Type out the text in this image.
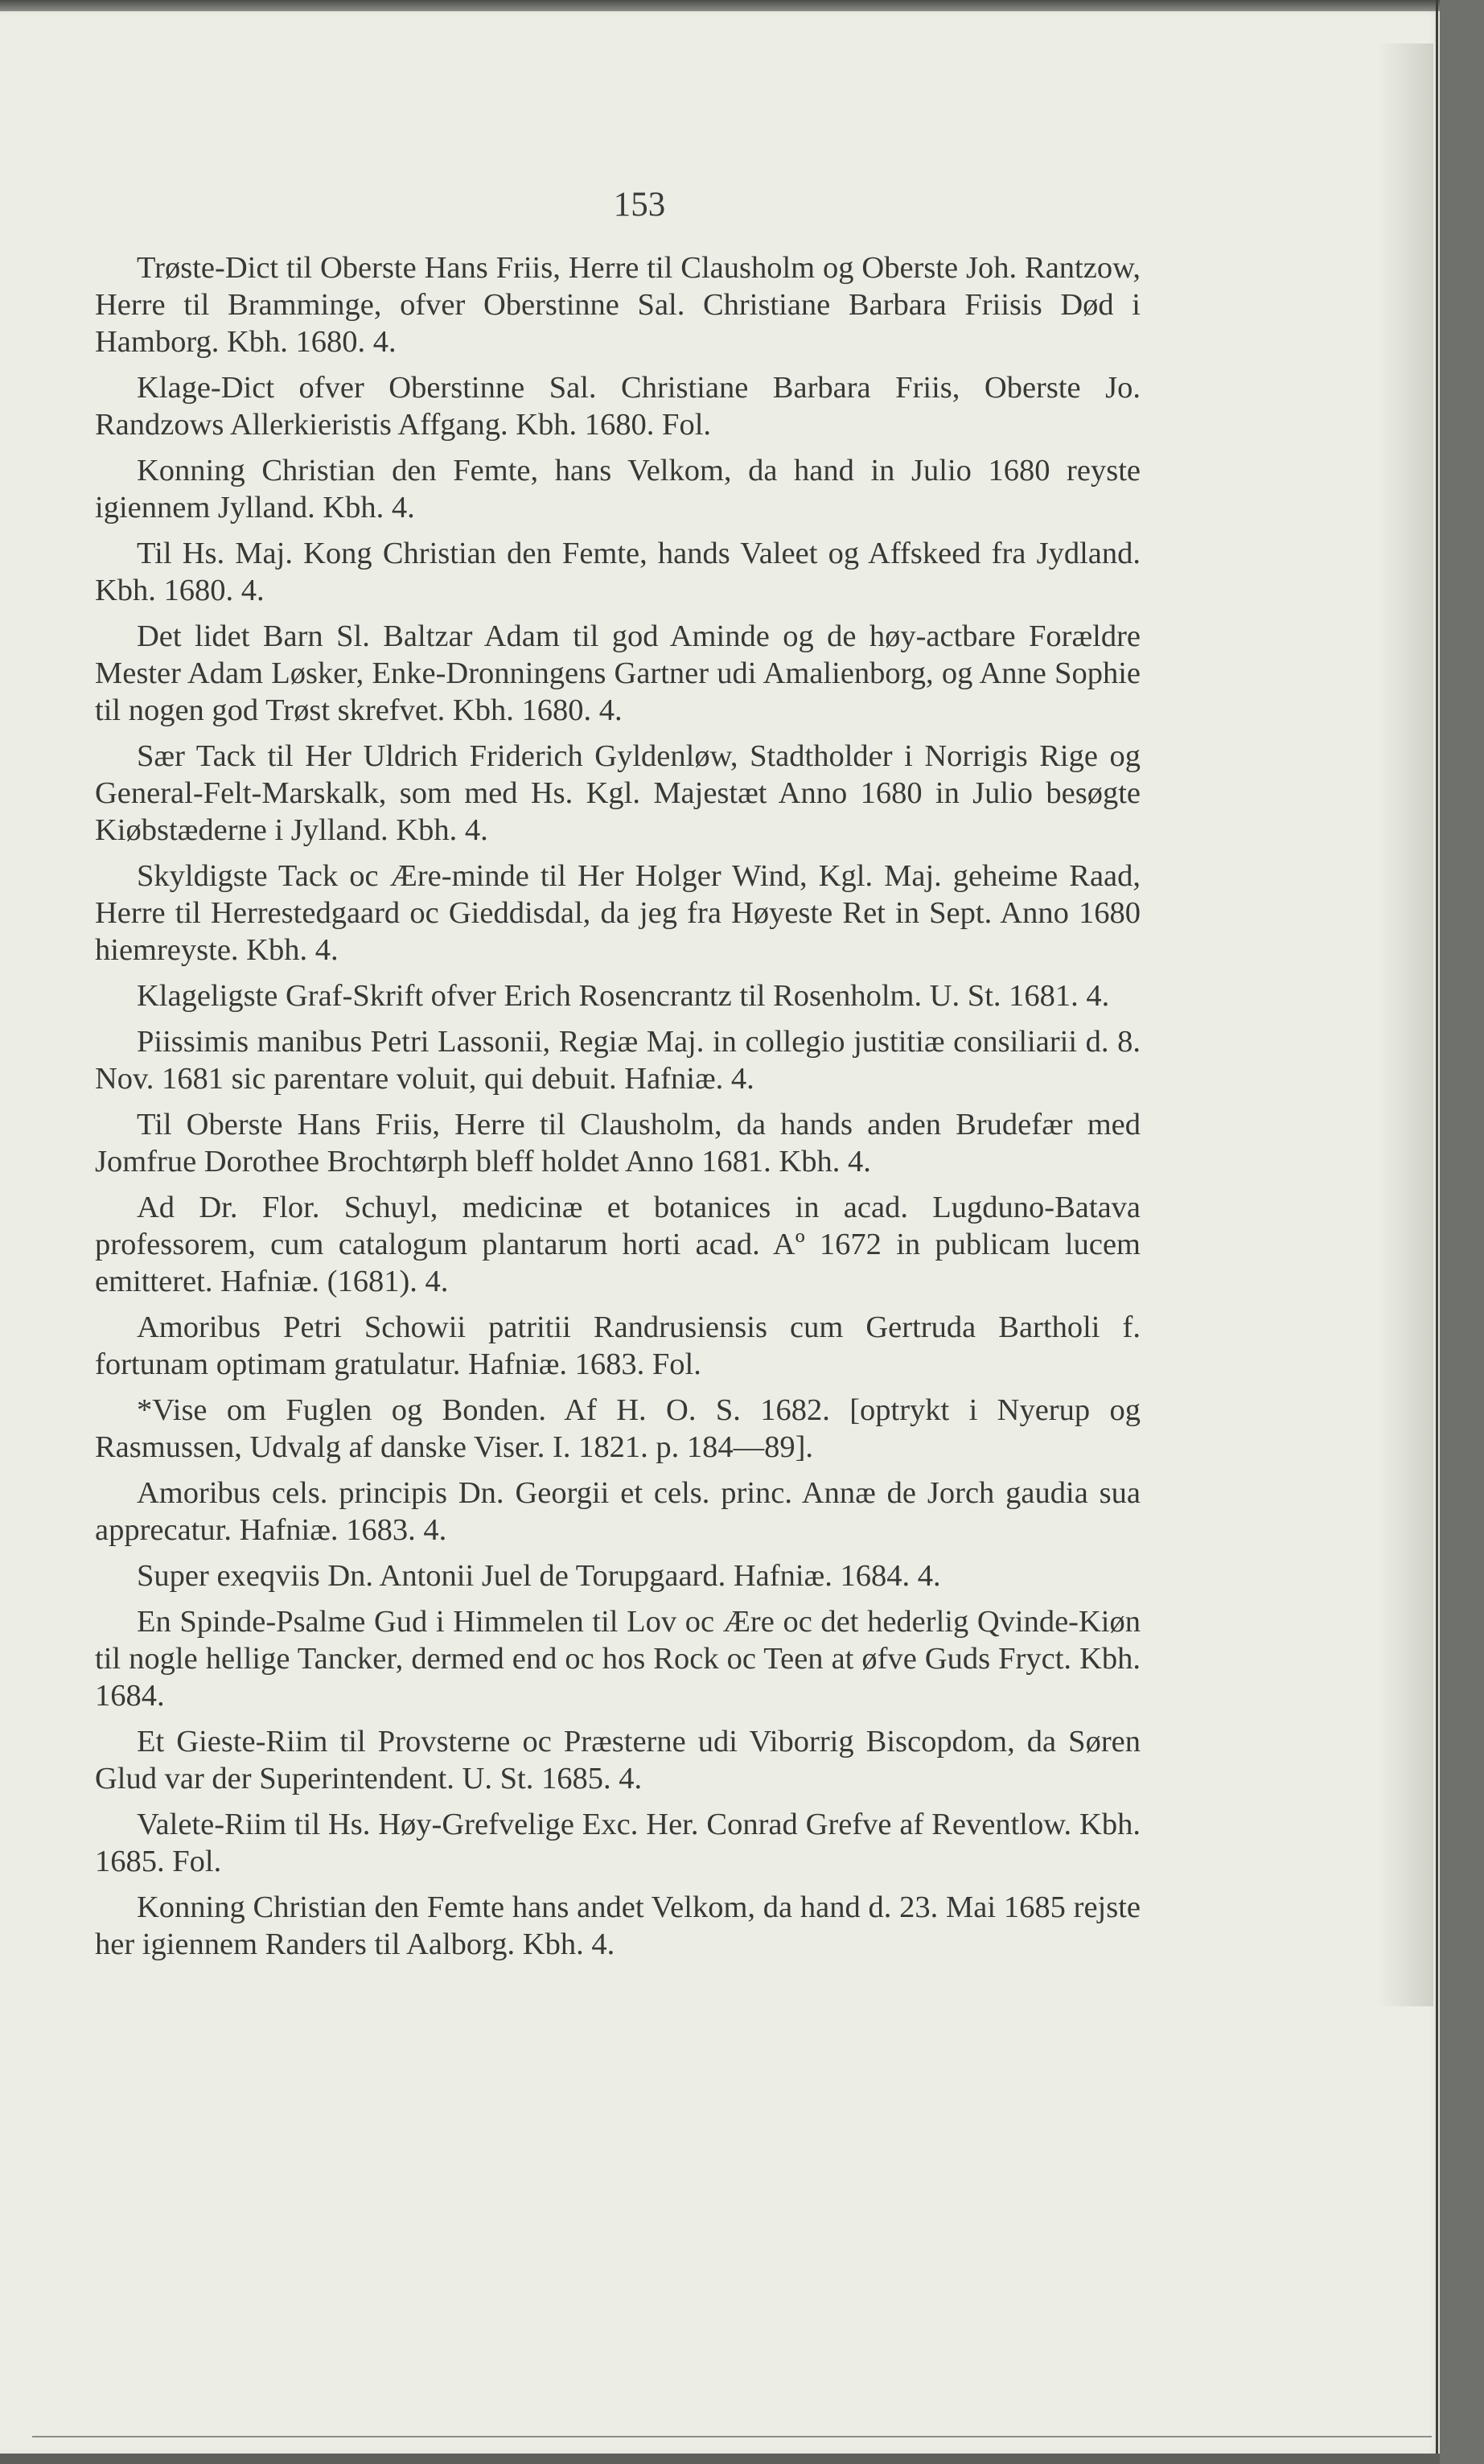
153
Trøste-Dict til Oberste Hans Friis, Herre til Clausholm og Oberste Joh. Rantzow, Herre til Bramminge, ofver Oberstinne Sal. Christiane Barbara Friisis Død i Hamborg. Kbh. 1680. 4.
Klage-Dict ofver Oberstinne Sal. Christiane Barbara Friis, Oberste Jo. Randzows Allerkieristis Affgang. Kbh. 1680. Fol.
Konning Christian den Femte, hans Velkom, da hand in Julio 1680 reyste igiennem Jylland. Kbh. 4.
Til Hs. Maj. Kong Christian den Femte, hands Valeet og Affskeed fra Jydland. Kbh. 1680. 4.
Det lidet Barn Sl. Baltzar Adam til god Aminde og de høy-actbare Forældre Mester Adam Løsker, Enke-Dronningens Gartner udi Amalienborg, og Anne Sophie til nogen god Trøst skrefvet. Kbh. 1680. 4.
Sær Tack til Her Uldrich Friderich Gyldenløw, Stadtholder i Norrigis Rige og General-Felt-Marskalk, som med Hs. Kgl. Majestæt Anno 1680 in Julio besøgte Kiøbstæderne i Jylland. Kbh. 4.
Skyldigste Tack oc Ære-minde til Her Holger Wind, Kgl. Maj. geheime Raad, Herre til Herrestedgaard oc Gieddisdal, da jeg fra Høyeste Ret in Sept. Anno 1680 hiemreyste. Kbh. 4.
Klageligste Graf-Skrift ofver Erich Rosencrantz til Rosenholm. U. St. 1681. 4.
Piissimis manibus Petri Lassonii, Regiæ Maj. in collegio justitiæ consiliarii d. 8. Nov. 1681 sic parentare voluit, qui debuit. Hafniæ. 4.
Til Oberste Hans Friis, Herre til Clausholm, da hands anden Brudefær med Jomfrue Dorothee Brochtørph bleff holdet Anno 1681. Kbh. 4.
Ad Dr. Flor. Schuyl, medicinæ et botanices in acad. Lugduno-Batava professorem, cum catalogum plantarum horti acad. Aº 1672 in publicam lucem emitteret. Hafniæ. (1681). 4.
Amoribus Petri Schowii patritii Randrusiensis cum Gertruda Bartholi f. fortunam optimam gratulatur. Hafniæ. 1683. Fol.
*Vise om Fuglen og Bonden. Af H. O. S. 1682. [optrykt i Nyerup og Rasmussen, Udvalg af danske Viser. I. 1821. p. 184—89].
Amoribus cels. principis Dn. Georgii et cels. princ. Annæ de Jorch gaudia sua apprecatur. Hafniæ. 1683. 4.
Super exeqviis Dn. Antonii Juel de Torupgaard. Hafniæ. 1684. 4.
En Spinde-Psalme Gud i Himmelen til Lov oc Ære oc det hederlig Qvinde-Kiøn til nogle hellige Tancker, dermed end oc hos Rock oc Teen at øfve Guds Fryct. Kbh. 1684.
Et Gieste-Riim til Provsterne oc Præsterne udi Viborrig Biscopdom, da Søren Glud var der Superintendent. U. St. 1685. 4.
Valete-Riim til Hs. Høy-Grefvelige Exc. Her. Conrad Grefve af Reventlow. Kbh. 1685. Fol.
Konning Christian den Femte hans andet Velkom, da hand d. 23. Mai 1685 rejste her igiennem Randers til Aalborg. Kbh. 4.
